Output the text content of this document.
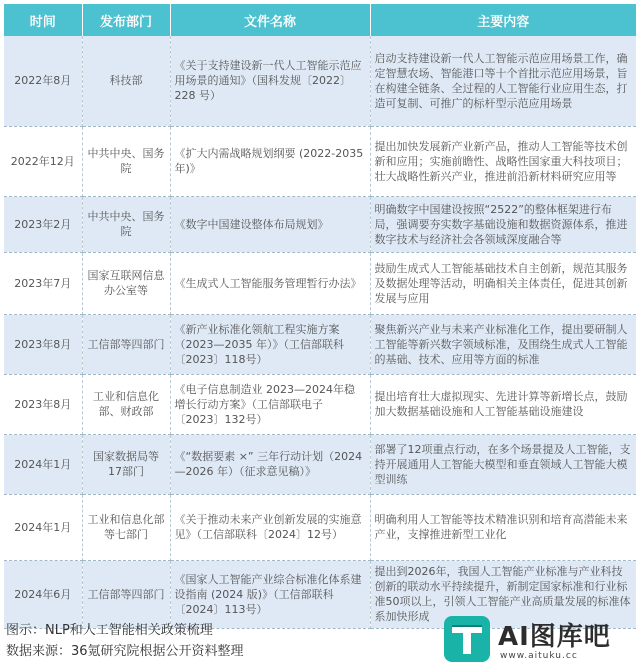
时间	发布部门	文件名称	主要内容
2022年8月	科技部	《关于支持建设新一代人工智能示范应用场景的通知》（国科发规〔2022〕228 号）	启动支持建设新一代人工智能示范应用场景工作，确定智慧农场、智能港口等十个首批示范应用场景，旨在构建全链条、全过程的人工智能行业应用生态，打造可复制、可推广的标杆型示范应用场景
2022年12月	中共中央、国务院	《扩大内需战略规划纲要 (2022-2035 年)》	提出加快发展新产业新产品，推动人工智能等技术创新和应用；实施前瞻性、战略性国家重大科技项目；壮大战略性新兴产业，推进前沿新材料研究应用等
2023年2月	中共中央、国务院	《数字中国建设整体布局规划》	明确数字中国建设按照“2522”的整体框架进行布局，强调要夯实数字基础设施和数据资源体系，推进数字技术与经济社会各领域深度融合等
2023年7月	国家互联网信息办公室等	《生成式人工智能服务管理暂行办法》	鼓励生成式人工智能基础技术自主创新，规范其服务及数据处理等活动，明确相关主体责任，促进其创新发展与应用
2023年8月	工信部等四部门	《新产业标准化领航工程实施方案（2023—2035 年）》（工信部联科〔2023〕118号）	聚焦新兴产业与未来产业标准化工作，提出要研制人工智能等新兴数字领域标准，及围绕生成式人工智能的基础、技术、应用等方面的标准
2023年8月	工业和信息化部、财政部	《电子信息制造业 2023—2024年稳增长行动方案》（工信部联电子〔2023〕132号）	提出培育壮大虚拟现实、先进计算等新增长点，鼓励加大数据基础设施和人工智能基础设施建设
2024年1月	国家数据局等17部门	《“数据要素 ×” 三年行动计划（2024—2026 年）（征求意见稿）》	部署了12项重点行动，在多个场景提及人工智能，支持开展通用人工智能大模型和垂直领域人工智能大模型训练
2024年1月	工业和信息化部等七部门	《关于推动未来产业创新发展的实施意见》（工信部联科〔2024〕12号）	明确利用人工智能等技术精准识别和培育高潜能未来产业，支撑推进新型工业化
2024年6月	工信部等四部门	《国家人工智能产业综合标准化体系建设指南 (2024 版)》（工信部联科〔2024〕113号）	提出到2026年，我国人工智能产业标准与产业科技创新的联动水平持续提升，新制定国家标准和行业标准50项以上，引领人工智能产业高质量发展的标准体系加快形成
图示：NLP和人工智能相关政策梳理
数据来源：36氪研究院根据公开资料整理	AI图库吧
www.aituku.cc
